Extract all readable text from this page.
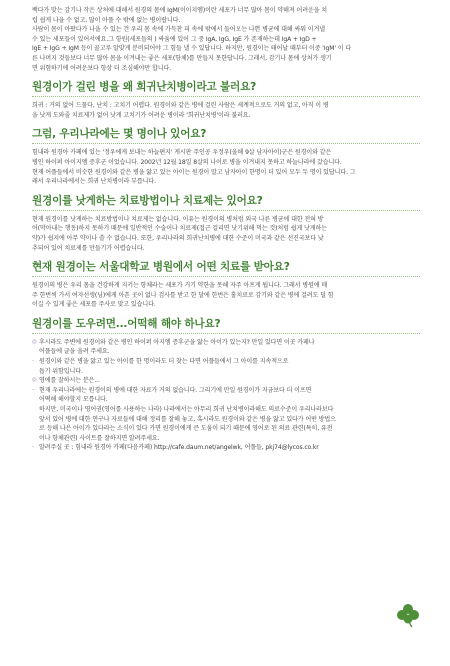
백다가 맞는 감기나 작은 상처에 대해서 원경의 몸에 IgM(이이지엠)이란 세포가 너무 많아 몸이 약해져 어려운을 치
럽 쉽게 나을 수 없고, 많이 아플 수 밖에 없는 병이랍니다.
사람이 몸이 아팠다가 나을 수 있는 건 우리 몸 속에 가득찬 피 속에 밖에서 들어오는 나쁜 병균에 대해 싸워 이겨낼
수 있는 세포들이 있어서에요.그 항원(세포들의 ) 싸움에 있어 그 중 IgA, IgG, IgE 가 존재하는데 IgA + IgD +
IgE + IgG + IgM 등이 골고루 알맞게 분비되어야 그 힘들 낼 수 있답니다. 하지만, 원경이는 태어날 때부터 이중 'IgM' 이 다
른 나머지 것들보다 너무 많아 몸을 이겨내는 좋은 세포(항체)를 만들지 못한답니다. 그래서, 감기나 몸에 상처가 생기
면 위험하기에 어려운보다 항상 더 조심해야만 합니다.

원경이가 걸린 병을 왜 희귀난치병이라고 불러요?

희귀 : 거의 없어 드물다, 난치 : 고치기 어렵다. 원경이와 같은 병에 걸린 사람은 세계적으로도 거의 없고, 아직 이 병
을 낫게 도와줄 치료제가 없어 낫게 고치기가 어려운 병이라 '희귀난치병'이라 불러요.

그럼, 우리나라에는 몇 명이나 있어요?

힘내라 원경아 카페에 있는 '정우에게 보내는 하늘편지' 게시판 주인공 우정우(올해 9살 남자아이)군은 원경이와 같은
병인 하이퍼 아이지엠 증후군 이었습니다. 2002년 12월 18일 8살의 나이로 병을 이겨내지 못하고 하늘나라에 갔습니다.
현재 어플들에서 비슷한 원경이와 같은 병을 앓고 있는 아이는 원경이 말고 남자아이 한명이 더 있어 모두 두 명이 있답니다. 그
래서 우리나라에서는 희귀 난치병이라 부릅니다.

원경이를 낫게하는 치료방법이나 치료제는 있어요?

현재 원경이를 낫게하는 치료방법이나 치료제는 없습니다. 이유는 원경이의 병처럼 외국 나른 병균에 대한 전혀 방
어(막아내는 행동)하지 못하기 때문에 일반적인 수술이나 치료제(접근 걸리면 낫기위해 먹는 것)처럼 쉽게 낫게하는
약)가 쉽지에 아무 약이나 쓸 수 없습니다. 또한, 우리나라의 희귀난치병에 대한 수준이 미국과 같은 선진국보다 낮
추되어 있어 치료제를 만들기가 어렵습니다.

현재 원경이는 서울대학교 병원에서 어떤 치료를 받아요?

원경이의 병은 우리 몸을 건강하게 지키는 항체라는 세포가 거기 약한을 못해 자주 아프게 됩니다. 그래서 병원에 매
주 한번씩 가서 여자선생(님)에게 아픈 곳이 없나 검사를 받고 한 달에 한번은 홀치료로 감기와 같은 병에 걸려도 덜 힘
이길 수 있게 좋은 세포를 주사로 맞고 있습니다.

원경이를 도우려면...어떡해 해야 하나요?
◎ 후시라도 주변에 원경이와 같은 병인 하이퍼 아지엠 증후군을 앓는 아이가 있는지? 만일 있다면 이곳 카페나
어플들에 글을 올려 주세요.
- 원경이와 같은 병을 앓고 있는 아이를 한 명이라도 더 찾는 다면 어플들에서 그 아이를 지속적으로
돕기 위함입니다.
◎ 영에를 잘하시는 분은...
- 현재 우리나라에는 원경이의 병에 대한 자료가 거의 없습니다. 그리기에 만일 원경이가 지금보다 더 이프면
어떡해 해야할지 모릅니다.
하지만, 미국이나 영어권(영어를 사용하는 나라) 나라에서는 아무리 희귀 난치병이라해도 의료수준이 우리나라보다
앞서 있어 병에 대한 연구나 자료들에 대해 정리를 잘해 놓고, 혹시라도 원경이와 같은 병을 앓고 있다가 어떤 방법으
로 등해 나은 아이가 있다라는 소식이 있다 카면 원경이에게 큰 도움이 되기 때문에 영어로 된 의료 관련(특히, 유전
이나 항체관련) 사이트를 잘하지면 알려주세요.
- 알려주실 곳 : 힘내라 원경아 카페(다음카페) http://cafe.daum.net/angelwk, 어플들, pkj74@lycos.co.kr
